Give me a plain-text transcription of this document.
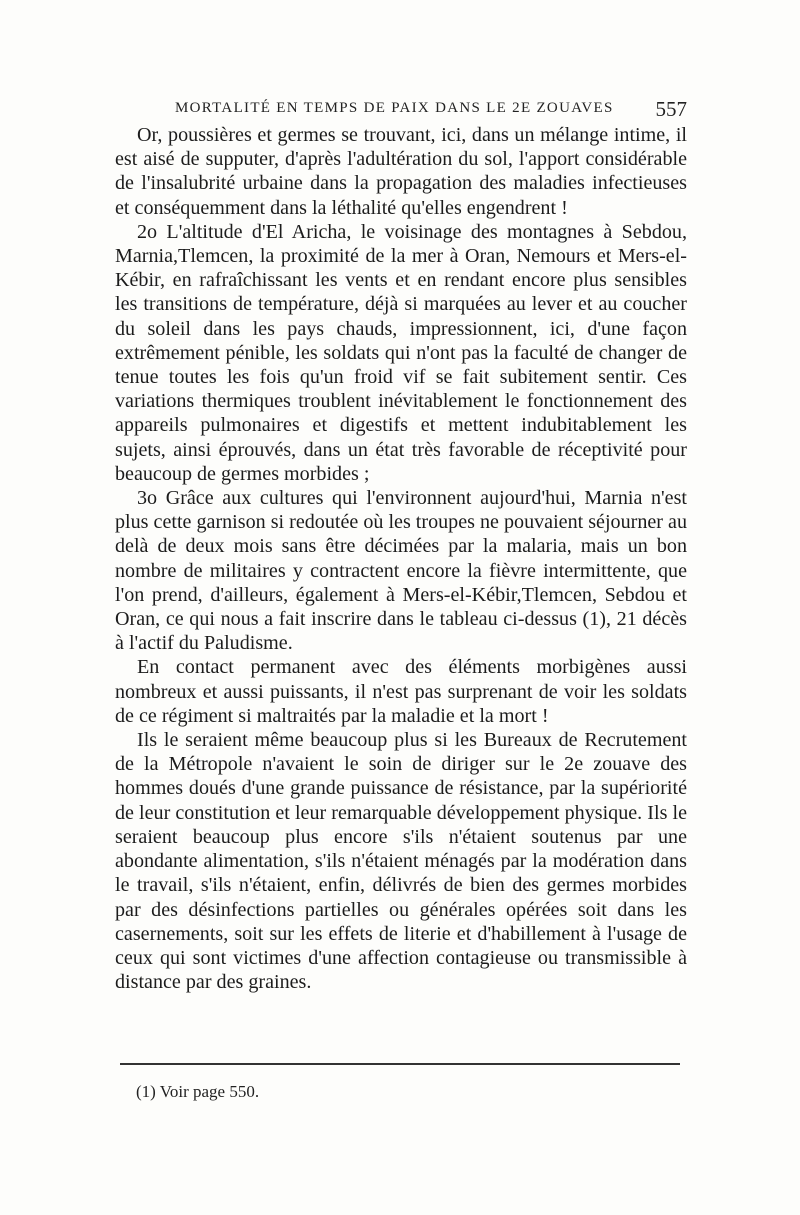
MORTALITÉ EN TEMPS DE PAIX DANS LE 2E ZOUAVES 557

Or, poussières et germes se trouvant, ici, dans un mélange intime, il est aisé de supputer, d'après l'adultération du sol, l'apport considérable de l'insalubrité urbaine dans la propagation des maladies infectieuses et conséquemment dans la léthalité qu'elles engendrent !

2o L'altitude d'El Aricha, le voisinage des montagnes à Sebdou, Marnia,Tlemcen, la proximité de la mer à Oran, Nemours et Mers-el-Kébir, en rafraîchissant les vents et en rendant encore plus sensibles les transitions de température, déjà si marquées au lever et au coucher du soleil dans les pays chauds, impressionnent, ici, d'une façon extrêmement pénible, les soldats qui n'ont pas la faculté de changer de tenue toutes les fois qu'un froid vif se fait subitement sentir. Ces variations thermiques troublent inévitablement le fonctionnement des appareils pulmonaires et digestifs et mettent indubitablement les sujets, ainsi éprouvés, dans un état très favorable de réceptivité pour beaucoup de germes morbides ;

3o Grâce aux cultures qui l'environnent aujourd'hui, Marnia n'est plus cette garnison si redoutée où les troupes ne pouvaient séjourner au delà de deux mois sans être décimées par la malaria, mais un bon nombre de militaires y contractent encore la fièvre intermittente, que l'on prend, d'ailleurs, également à Mers-el-Kébir,Tlemcen, Sebdou et Oran, ce qui nous a fait inscrire dans le tableau ci-dessus (1), 21 décès à l'actif du Paludisme.

En contact permanent avec des éléments morbigènes aussi nombreux et aussi puissants, il n'est pas surprenant de voir les soldats de ce régiment si maltraités par la maladie et la mort !

Ils le seraient même beaucoup plus si les Bureaux de Recrutement de la Métropole n'avaient le soin de diriger sur le 2e zouave des hommes doués d'une grande puissance de résistance, par la supériorité de leur constitution et leur remarquable développement physique. Ils le seraient beaucoup plus encore s'ils n'étaient soutenus par une abondante alimentation, s'ils n'étaient ménagés par la modération dans le travail, s'ils n'étaient, enfin, délivrés de bien des germes morbides par des désinfections partielles ou générales opérées soit dans les casernements, soit sur les effets de literie et d'habillement à l'usage de ceux qui sont victimes d'une affection contagieuse ou transmissible à distance par des graines.

(1) Voir page 550.
